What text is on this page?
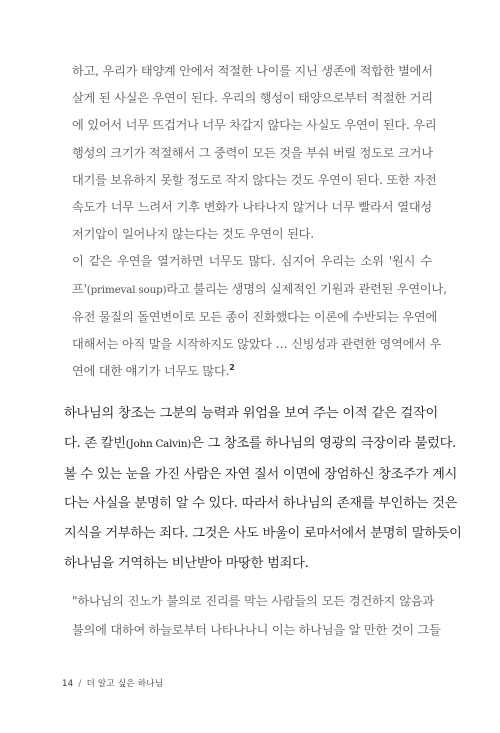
하고, 우리가 태양계 안에서 적절한 나이를 지닌 생존에 적합한 별에서

살게 된 사실은 우연이 된다. 우리의 행성이 태양으로부터 적절한 거리

에 있어서 너무 뜨겁거나 너무 차갑지 않다는 사실도 우연이 된다. 우리

행성의 크기가 적절해서 그 중력이 모든 것을 부숴 버릴 정도로 크거나

대기를 보유하지 못할 정도로 작지 않다는 것도 우연이 된다. 또한 자전

속도가 너무 느려서 기후 변화가 나타나지 않거나 너무 빨라서 열대성

저기압이 일어나지 않는다는 것도 우연이 된다.

이 같은 우연을 열거하면 너무도 많다. 심지어 우리는 소위 '원시 수

프'(primeval soup)라고 불리는 생명의 실제적인 기원과 관련된 우연이나,

유전 물질의 돌연변이로 모든 종이 진화했다는 이론에 수반되는 우연에

대해서는 아직 말을 시작하지도 않았다 … 신빙성과 관련한 영역에서 우

연에 대한 얘기가 너무도 많다.$^2$

하나님의 창조는 그분의 능력과 위엄을 보여 주는 이적 같은 걸작이

다. 존 칼빈(John Calvin)은 그 창조를 하나님의 영광의 극장이라 불렀다.

볼 수 있는 눈을 가진 사람은 자연 질서 이면에 장엄하신 창조주가 계시

다는 사실을 분명히 알 수 있다. 따라서 하나님의 존재를 부인하는 것은

지식을 거부하는 죄다. 그것은 사도 바울이 로마서에서 분명히 말하듯이

하나님을 거역하는 비난받아 마땅한 범죄다.

"하나님의 진노가 불의로 진리를 막는 사람들의 모든 경건하지 않음과

불의에 대하여 하늘로부터 나타나나니 이는 하나님을 알 만한 것이 그들

14 / 더 알고 싶은 하나님
